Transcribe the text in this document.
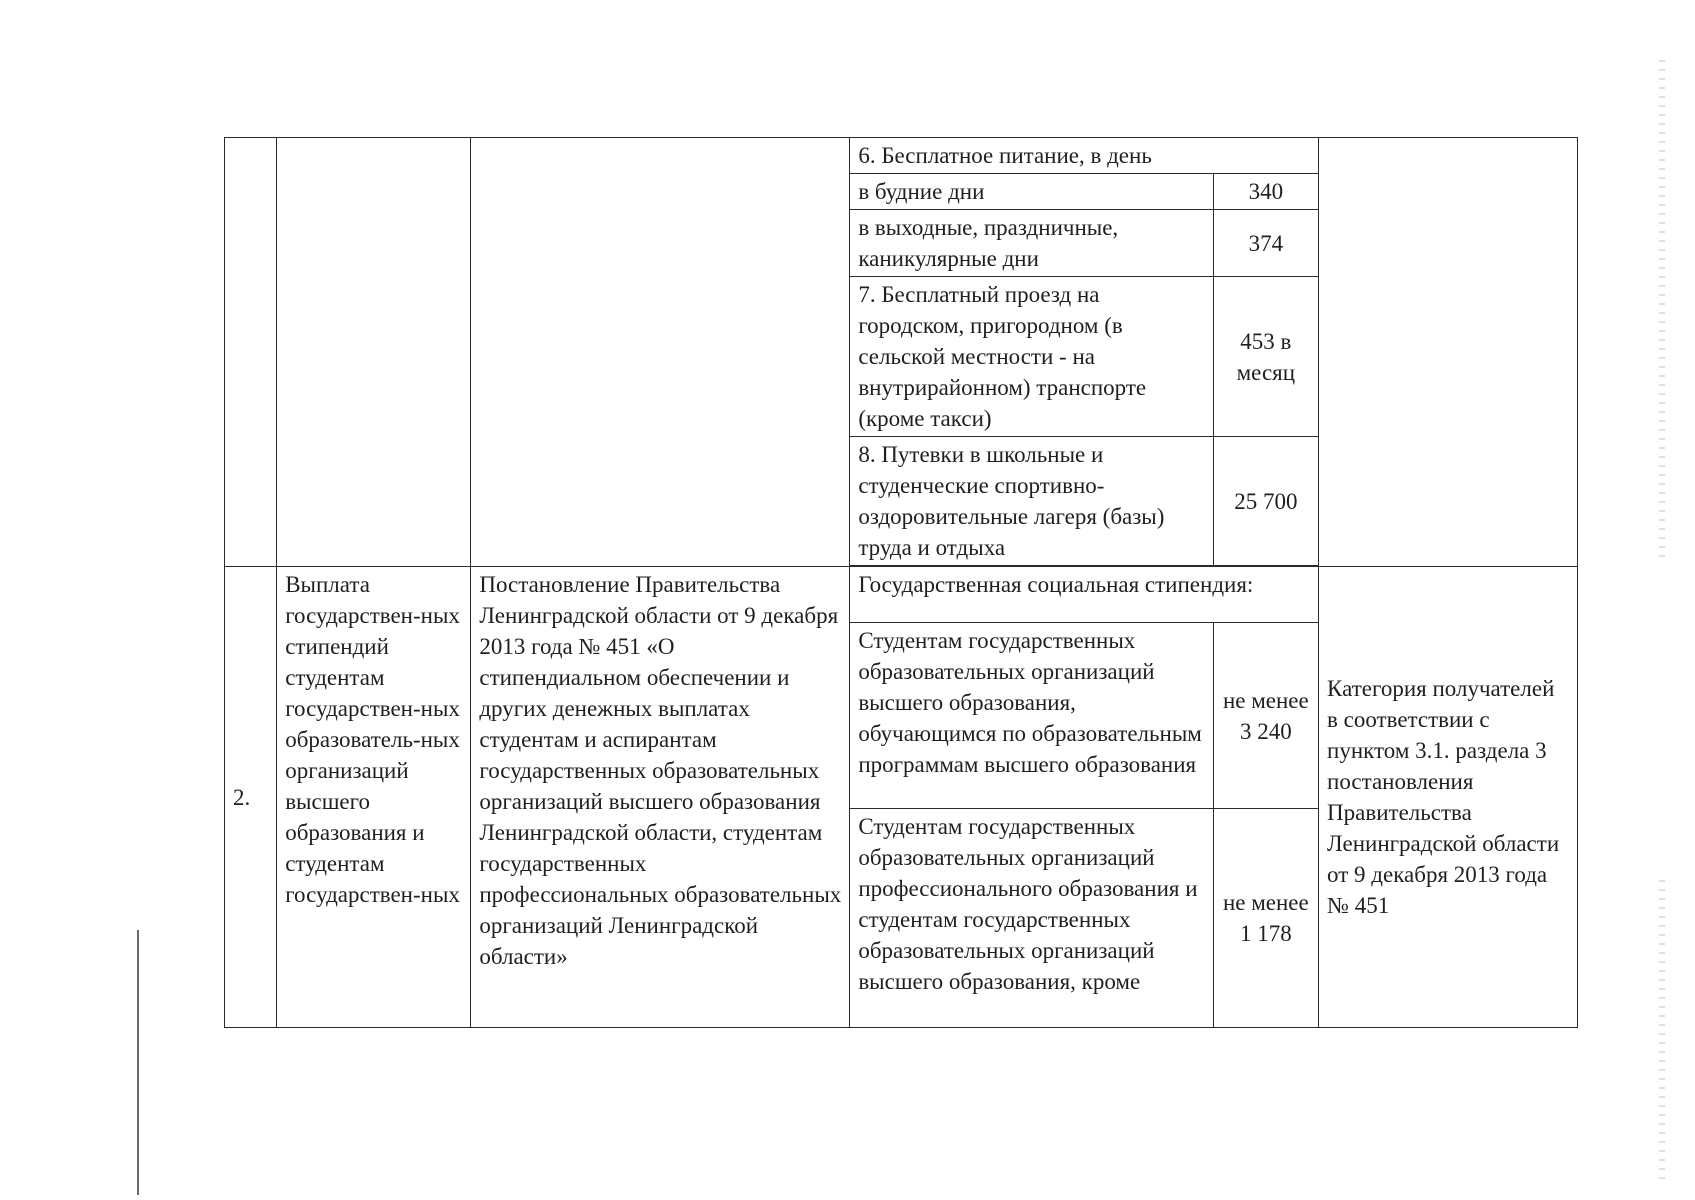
			6. Бесплатное питание, в день		
			в будние дни	340	
			в выходные, праздничные, каникулярные дни	374	
			7. Бесплатный проезд на городском, пригородном (в сельской местности - на внутрирайонном) транспорте (кроме такси)	453 в месяц	
			8. Путевки в школьные и студенческие спортивно-оздоровительные лагеря (базы) труда и отдыха	25 700	

2.	Выплата государствен-ных стипендий студентам государствен-ных образователь-ных организаций высшего образования и студентам государствен-ных	Постановление Правительства Ленинградской области от 9 декабря 2013 года № 451 «О стипендиальном обеспечении и других денежных выплатах студентам и аспирантам государственных образовательных организаций высшего образования Ленинградской области, студентам государственных профессиональных образовательных организаций Ленинградской области»	Государственная социальная стипендия:		Категория получателей в соответствии с пунктом 3.1. раздела 3 постановления Правительства Ленинградской области от 9 декабря 2013 года № 451
			Студентам государственных образовательных организаций высшего образования, обучающимся по образовательным программам высшего образования	не менее 3 240	
			Студентам государственных образовательных организаций профессионального образования и студентам государственных образовательных организаций высшего образования, кроме	не менее 1 178	
